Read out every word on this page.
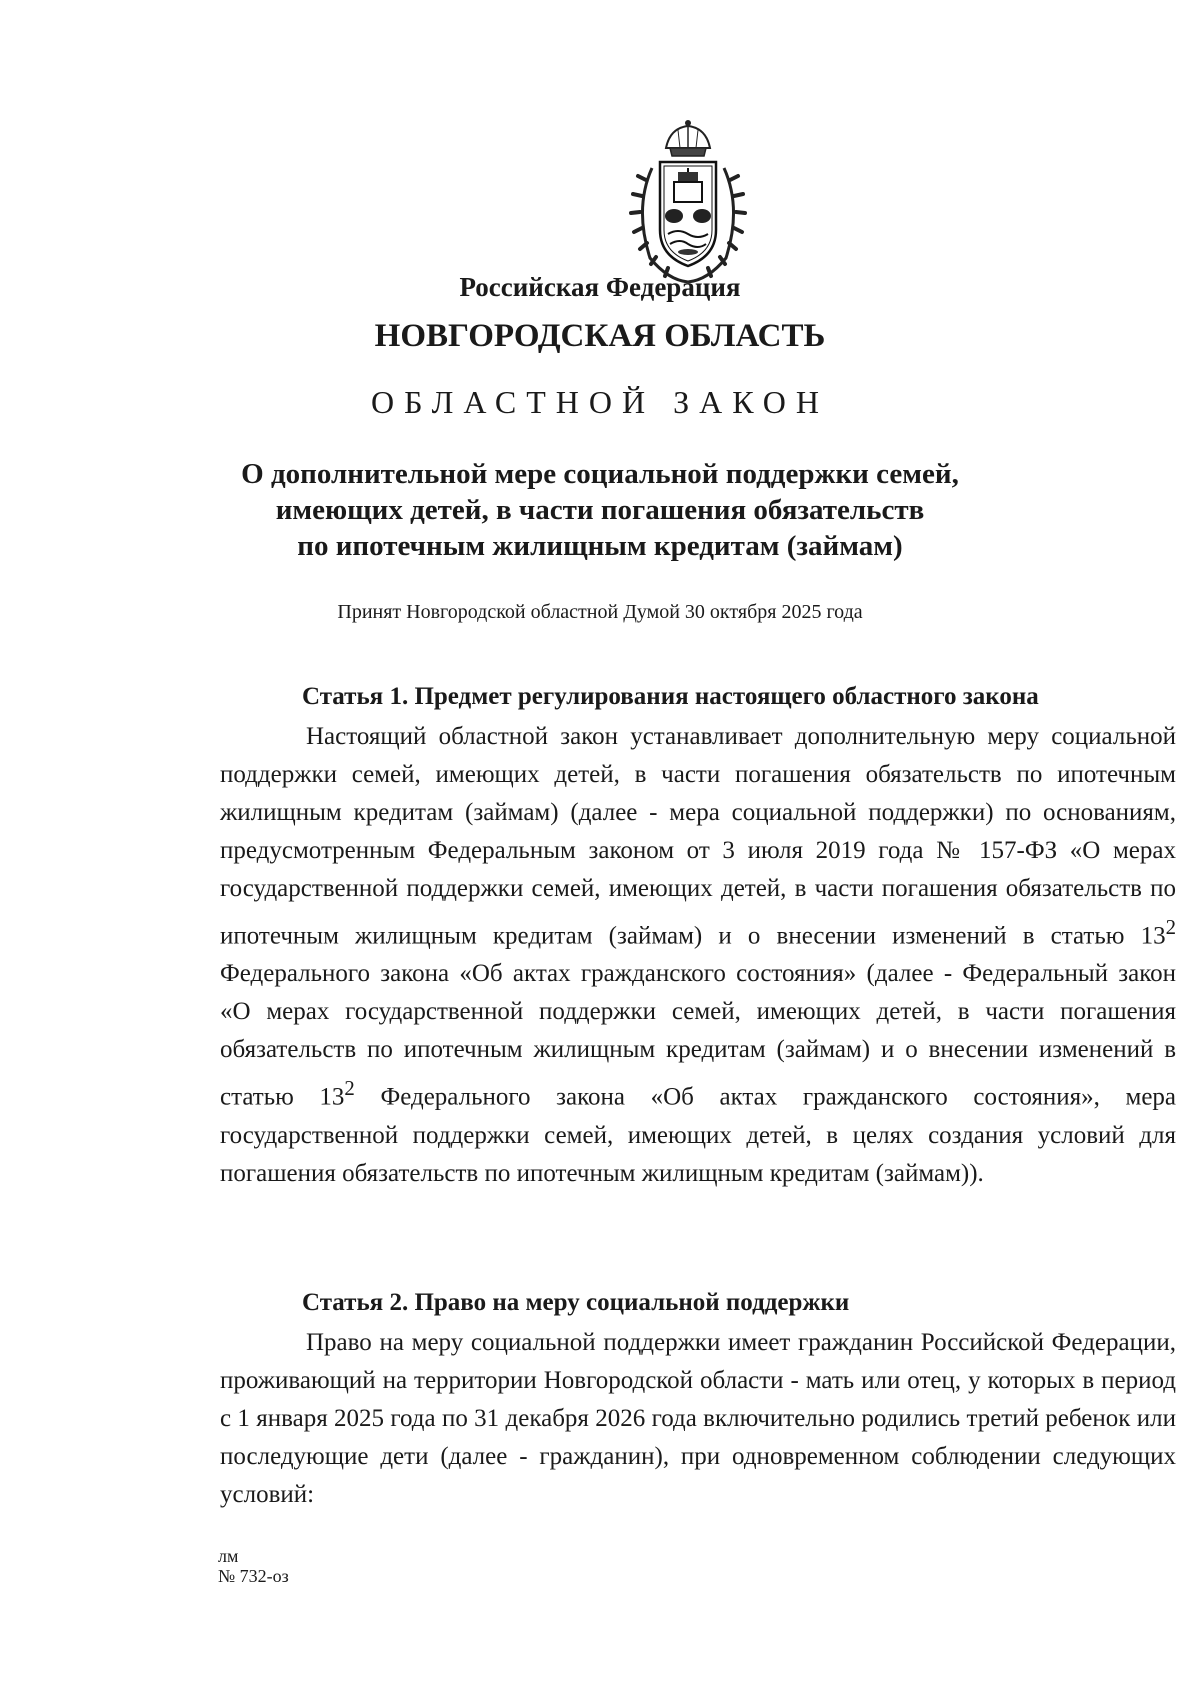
Российская Федерация
НОВГОРОДСКАЯ ОБЛАСТЬ
ОБЛАСТНОЙ ЗАКОН
О дополнительной мере социальной поддержки семей,
имеющих детей, в части погашения обязательств
по ипотечным жилищным кредитам (займам)
Принят Новгородской областной Думой 30 октября 2025 года
Статья 1. Предмет регулирования настоящего областного закона

Настоящий областной закон устанавливает дополнительную меру социальной поддержки семей, имеющих детей, в части погашения обязательств по ипотечным жилищным кредитам (займам) (далее - мера социальной поддержки) по основаниям, предусмотренным Федеральным законом от 3 июля 2019 года № 157-ФЗ «О мерах государственной поддержки семей, имеющих детей, в части погашения обязательств по ипотечным жилищным кредитам (займам) и о внесении изменений в статью $13^2$ Федерального закона «Об актах гражданского состояния» (далее - Федеральный закон «О мерах государственной поддержки семей, имеющих детей, в части погашения обязательств по ипотечным жилищным кредитам (займам) и о внесении изменений в статью $13^2$ Федерального закона «Об актах гражданского состояния», мера государственной поддержки семей, имеющих детей, в целях создания условий для погашения обязательств по ипотечным жилищным кредитам (займам)).

Статья 2. Право на меру социальной поддержки

Право на меру социальной поддержки имеет гражданин Российской Федерации, проживающий на территории Новгородской области - мать или отец, у которых в период с 1 января 2025 года по 31 декабря 2026 года включительно родились третий ребенок или последующие дети (далее - гражданин), при одновременном соблюдении следующих условий:

лм
№ 732-оз
